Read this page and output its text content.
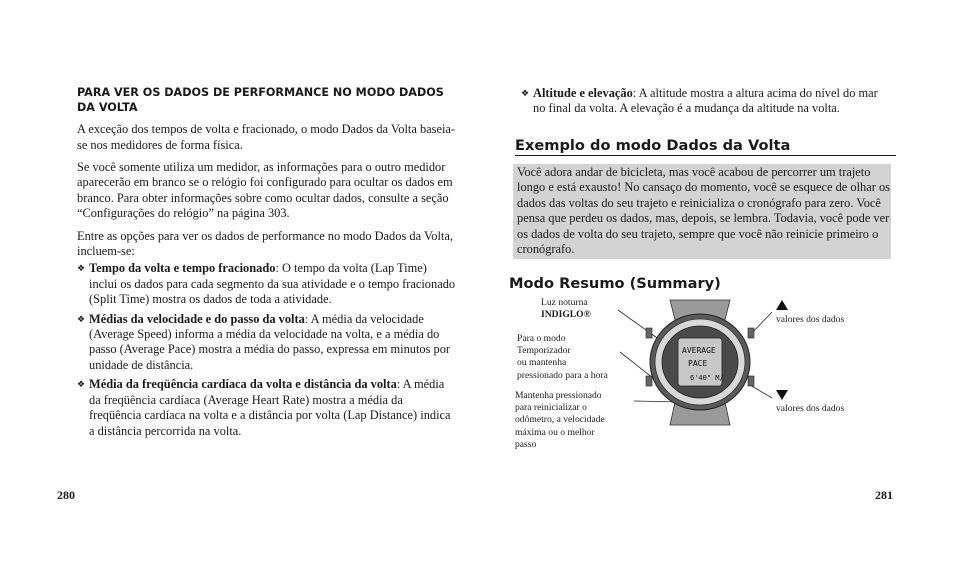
PARA VER OS DADOS DE PERFORMANCE NO MODO DADOS DA VOLTA

A exceção dos tempos de volta e fracionado, o modo Dados da Volta baseia-se nos medidores de forma física.

Se você somente utiliza um medidor, as informações para o outro medidor aparecerão em branco se o relógio foi configurado para ocultar os dados em branco. Para obter informações sobre como ocultar dados, consulte a seção “Configurações do relógio” na página 303.

Entre as opções para ver os dados de performance no modo Dados da Volta, incluem-se:

❖ Tempo da volta e tempo fracionado: O tempo da volta (Lap Time) inclui os dados para cada segmento da sua atividade e o tempo fracionado (Split Time) mostra os dados de toda a atividade.
❖ Médias da velocidade e do passo da volta: A média da velocidade (Average Speed) informa a média da velocidade na volta, e a média do passo (Average Pace) mostra a média do passo, expressa em minutos por unidade de distância.
❖ Média da freqüência cardíaca da volta e distância da volta: A média da freqüência cardíaca (Average Heart Rate) mostra a média da freqüência cardíaca na volta e a distância por volta (Lap Distance) indica a distância percorrida na volta.
280
❖ Altitude e elevação: A altitude mostra a altura acima do nível do mar no final da volta. A elevação é a mudança da altitude na volta.
Exemplo do modo Dados da Volta
Você adora andar de bicicleta, mas você acabou de percorrer um trajeto longo e está exausto! No cansaço do momento, você se esquece de olhar os dados das voltas do seu trajeto e reinicializa o cronógrafo para zero. Você pensa que perdeu os dados, mas, depois, se lembra. Todavia, você pode ver os dados de volta do seu trajeto, sempre que você não reinicie primeiro o cronógrafo.
Modo Resumo (Summary)
Luz noturna
INDIGLO®
Para o modo
Temporizador
ou mantenha
pressionado para a hora
Mantenha pressionado
para reinicializar o
odômetro, a velocidade
máxima ou o melhor
passo
valores dos dados
valores dos dados
AVERAGE
PACE
6'40" M/
281
